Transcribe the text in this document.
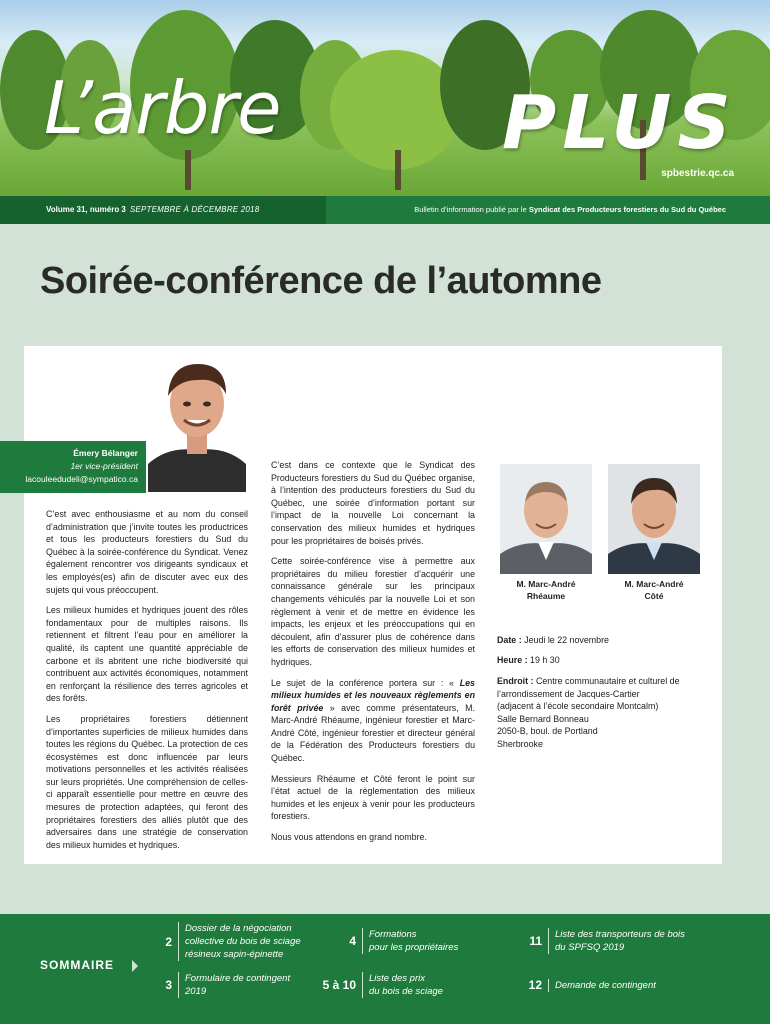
L’arbre	PLUS
spbestrie.qc.ca
Volume 31, numéro 3 SEPTEMBRE À DÉCEMBRE 2018	Bulletin d’information publié par le Syndicat des Producteurs forestiers du Sud du Québec
Soirée-conférence de l’automne
Émery Bélanger
1er vice-président
lacouleedudeli@sympatico.ca

C’est avec enthousiasme et au nom du conseil d’administration que j’invite toutes les productrices et tous les producteurs forestiers du Sud du Québec à la soirée-conférence du Syndicat. Venez également rencontrer vos dirigeants syndicaux et les employés(es) afin de discuter avec eux des sujets qui vous préoccupent.

Les milieux humides et hydriques jouent des rôles fondamentaux pour de multiples raisons. Ils retiennent et filtrent l’eau pour en améliorer la qualité, ils captent une quantité appréciable de carbone et ils abritent une riche biodiversité qui contribuent aux activités économiques, notamment en renforçant la résilience des terres agricoles et des forêts.

Les propriétaires forestiers détiennent d’importantes superficies de milieux humides dans toutes les régions du Québec. La protection de ces écosystèmes est donc influencée par leurs motivations personnelles et les activités réalisées sur leurs propriétés. Une compréhension de celles-ci apparaît essentielle pour mettre en œuvre des mesures de protection adaptées, qui feront des propriétaires forestiers des alliés plutôt que des adversaires dans une stratégie de conservation des milieux humides et hydriques.

C’est dans ce contexte que le Syndicat des Producteurs forestiers du Sud du Québec organise, à l’intention des producteurs forestiers du Sud du Québec, une soirée d’information portant sur l’impact de la nouvelle Loi concernant la conservation des milieux humides et hydriques pour les propriétaires de boisés privés.

Cette soirée-conférence vise à permettre aux propriétaires du milieu forestier d’acquérir une connaissance générale sur les principaux changements véhiculés par la nouvelle Loi et son règlement à venir et de mettre en évidence les impacts, les enjeux et les préoccupations qui en découlent, afin d’assurer plus de cohérence dans les efforts de conservation des milieux humides et hydriques.

Le sujet de la conférence portera sur : « Les milieux humides et les nouveaux règlements en forêt privée » avec comme présentateurs, M. Marc-André Rhéaume, ingénieur forestier et Marc-André Côté, ingénieur forestier et directeur général de la Fédération des Producteurs forestiers du Québec.

Messieurs Rhéaume et Côté feront le point sur l’état actuel de la règlementation des milieux humides et les enjeux à venir pour les producteurs forestiers.

Nous vous attendons en grand nombre.

M. Marc-André
Rhéaume
M. Marc-André
Côté
Date : Jeudi le 22 novembre
Heure : 19 h 30
Endroit : Centre communautaire et culturel de l’arrondissement de Jacques-Cartier
(adjacent à l’école secondaire Montcalm)
Salle Bernard Bonneau
2050-B, boul. de Portland
Sherbrooke
SOMMAIRE
2
Dossier de la négociation
collective du bois de sciage
résineux sapin-épinette
3	Formulaire de contingent
2019
4	Formations
pour les propriétaires
5 à 10	Liste des prix
du bois de sciage
11	Liste des transporteurs de bois
du SPFSQ 2019
12	Demande de contingent
